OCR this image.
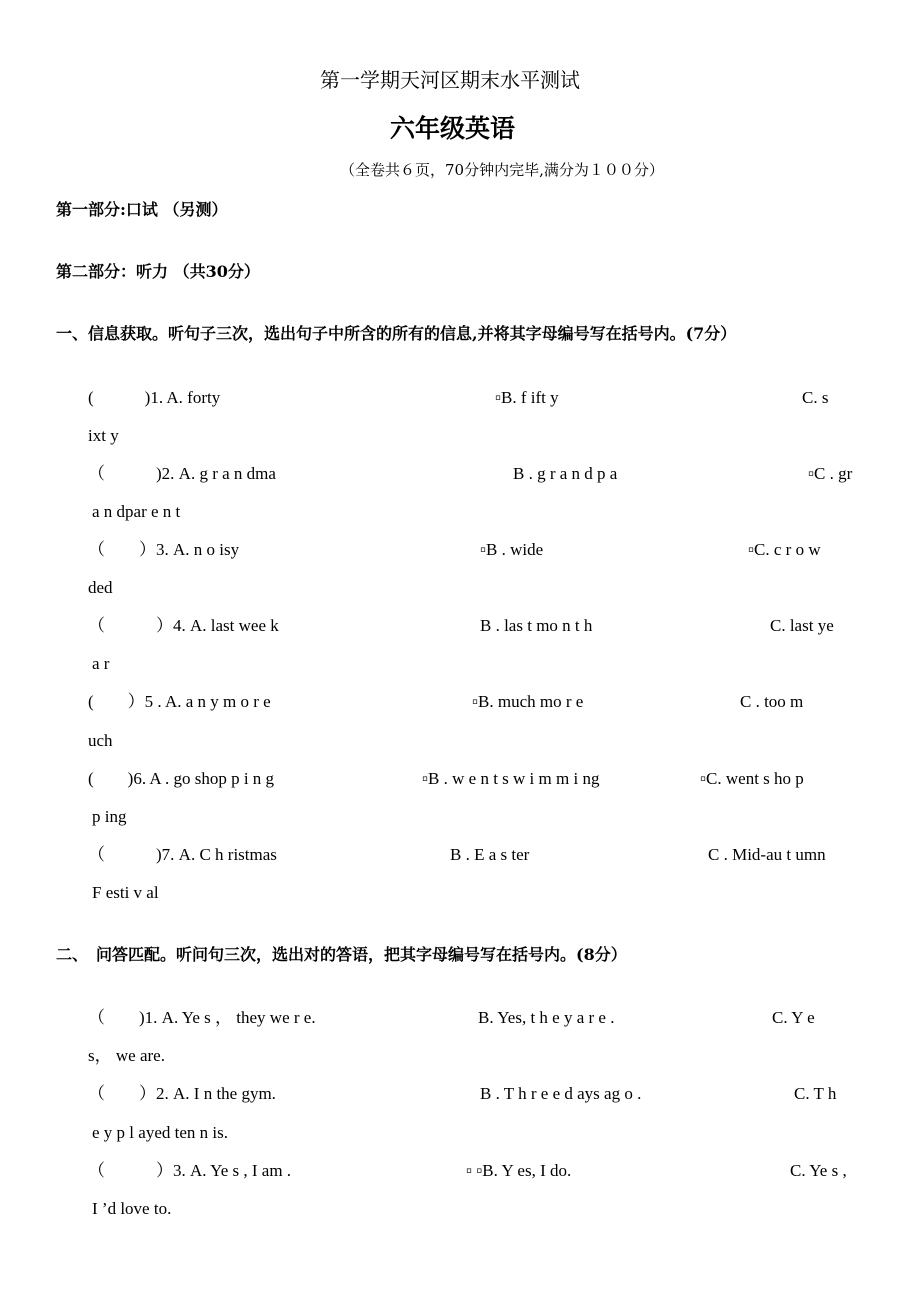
第一学期天河区期末水平测试
六年级英语
（全卷共６页，70分钟内完毕,满分为１００分）
第一部分:口试 （另测）
第二部分：听力 （共30分）
一、信息获取。听句子三次，选出句子中所含的所有的信息,并将其字母编号写在括号内。(7分）
(　　　)1. A. forty	▫B. f ift y	C. s
ixt y
（　　　)2. A. g r a n dma	B . g r a n d p a	▫C . gr
a n dpar e n t
（　　）3. A. n o isy	▫B . wide	▫C. c r o w
ded
（　　　）4. A. last wee k	B . las t mo n t h	C. last ye
a r
(　　）5 . A. a n y m o r e	▫B. much mo r e	C . too m
uch
(　　)6. A . go shop p i n g	▫B . w e n t s w i m m i ng	▫C. went s ho p
p ing
（　　　)7. A. C h ristmas	B . E a s ter	C . Mid-au t umn
F esti v al
二、　问答匹配。听问句三次，选出对的答语，把其字母编号写在括号内。(8分）
（　　)1. A. Ye s ， they we r e.	B. Yes, t h e y a r e .	C. Y e
s， we are.
（　　）2. A. I n the gym.	B . T h r e e d ays ag o .	C. T h
e y p l ayed ten n is.
（　　　）3. A. Ye s , I am .	▫ ▫B. Y es, I do.	C. Ye s ,
I ’d love to.
